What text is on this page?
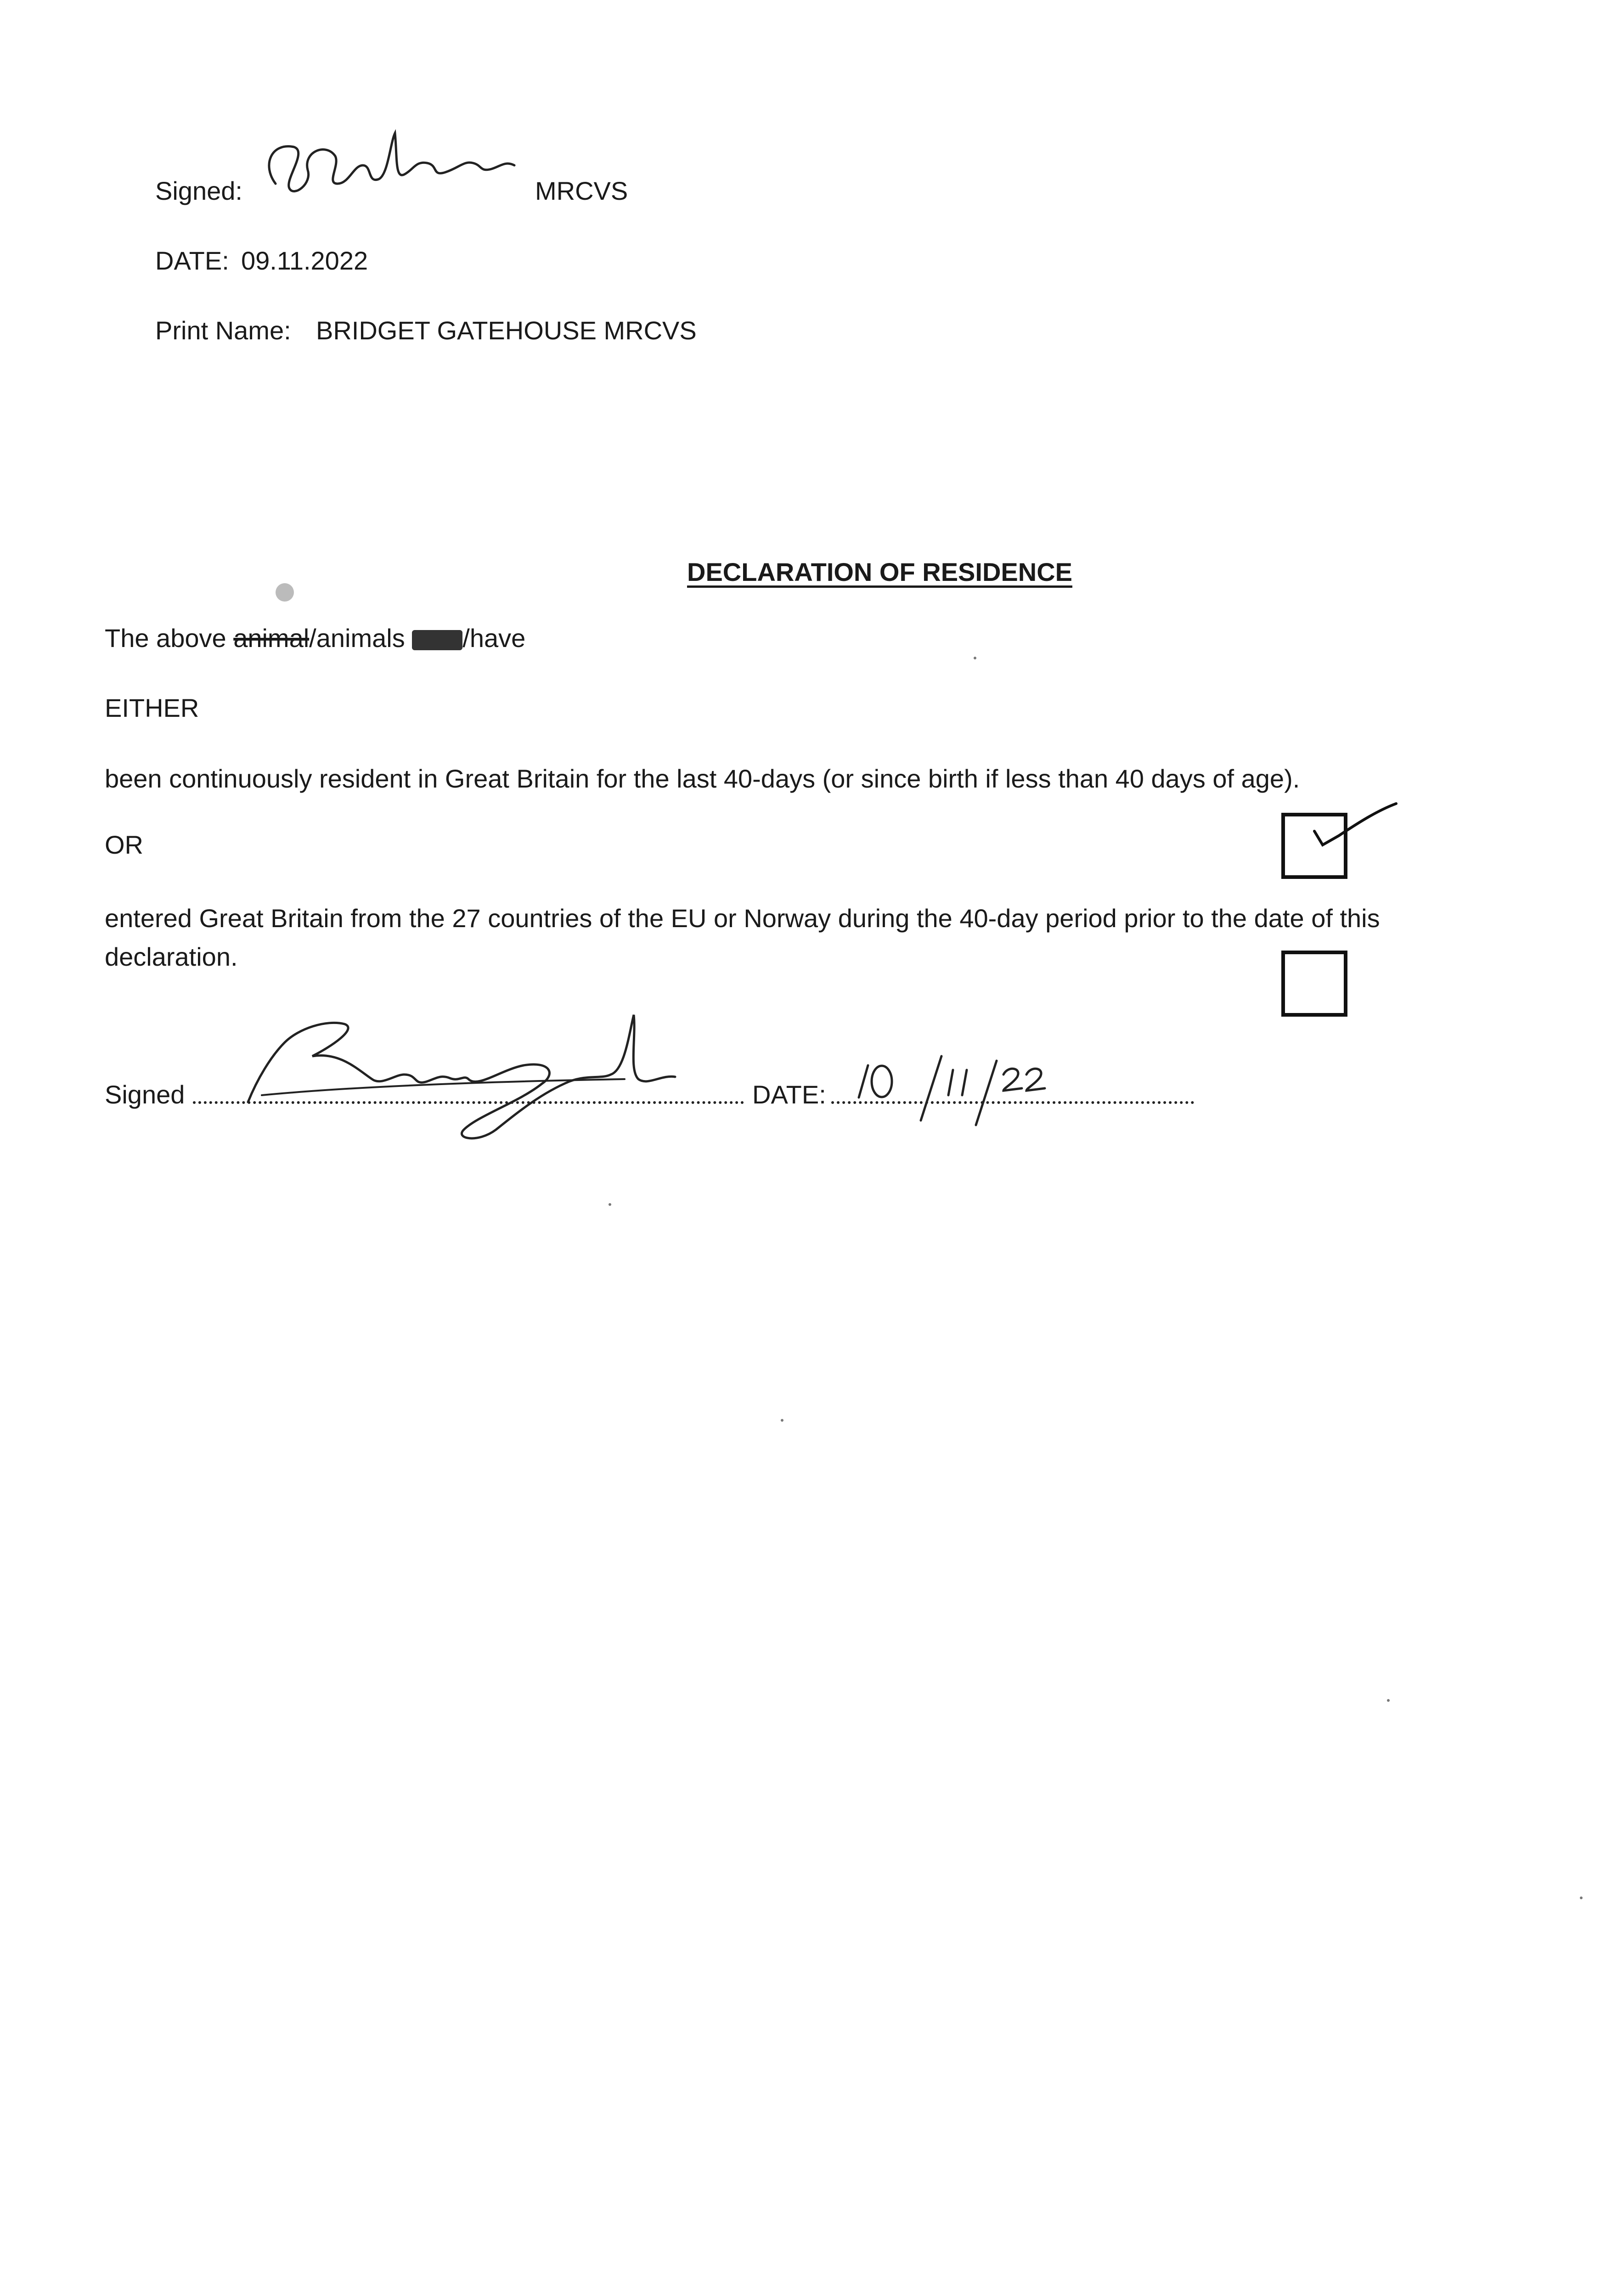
Signed:	MRCVS
DATE: 09.11.2022
Print Name: BRIDGET GATEHOUSE MRCVS
DECLARATION OF RESIDENCE
The above animal/animals /have
EITHER
been continuously resident in Great Britain for the last 40-days (or since birth if less than 40 days of age).
OR
entered Great Britain from the 27 countries of the EU or Norway during the 40-day period prior to the date of this
declaration.
Signed	DATE:
